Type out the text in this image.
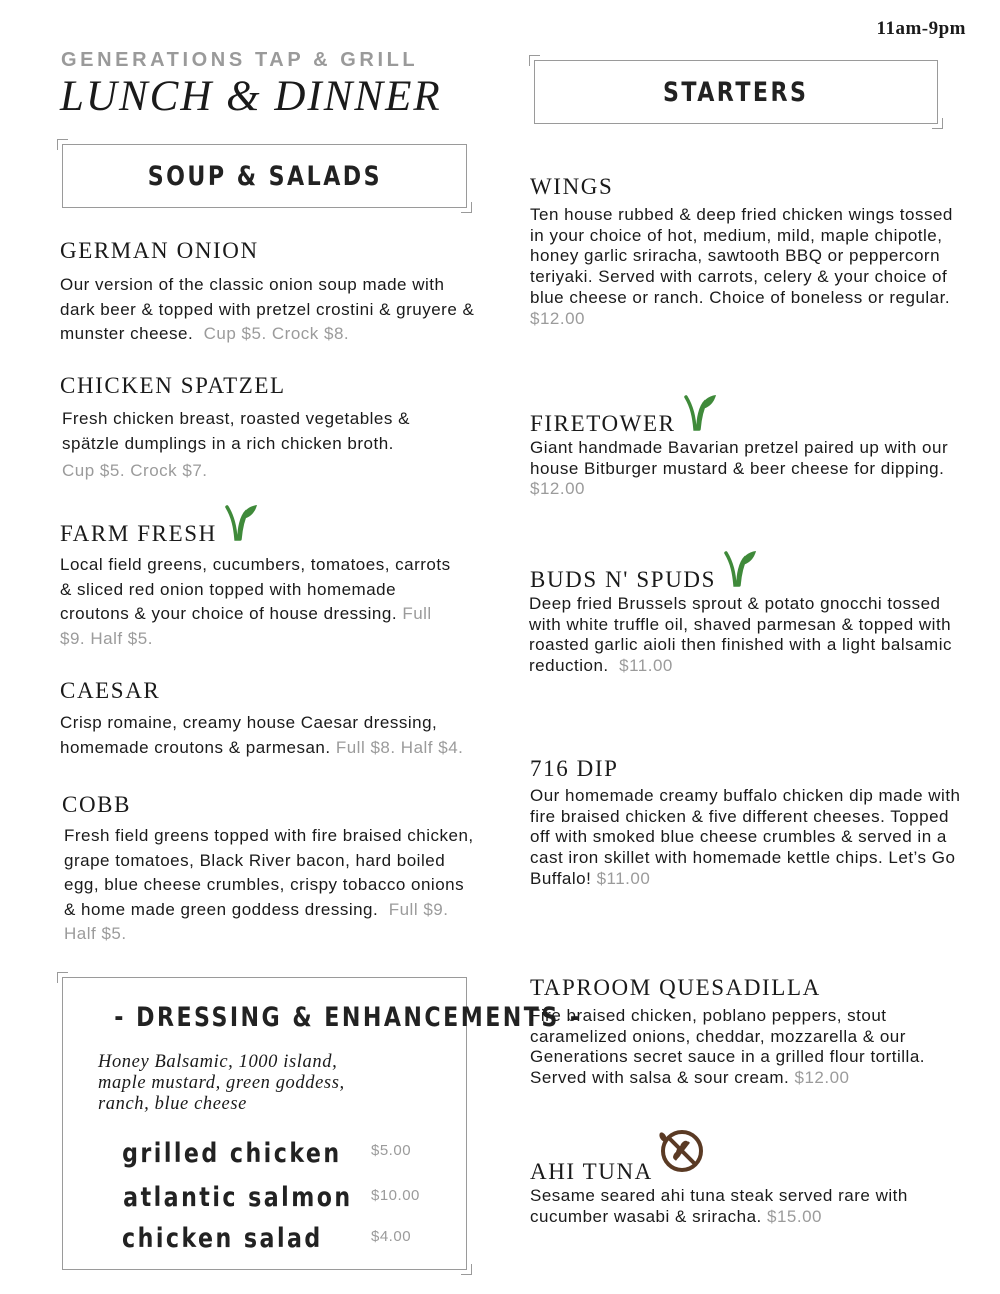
11am-9pm
GENERATIONS TAP & GRILL
LUNCH & DINNER
SOUP & SALADS
STARTERS
GERMAN ONION
Our version of the classic onion soup made with dark beer & topped with pretzel crostini & gruyere & munster cheese. Cup $5. Crock $8.
CHICKEN SPATZEL
Fresh chicken breast, roasted vegetables & spätzle dumplings in a rich chicken broth.
Cup $5. Crock $7.
FARM FRESH
Local field greens, cucumbers, tomatoes, carrots & sliced red onion topped with homemade croutons & your choice of house dressing. Full $9. Half $5.
CAESAR
Crisp romaine, creamy house Caesar dressing, homemade croutons & parmesan. Full $8. Half $4.
COBB
Fresh field greens topped with fire braised chicken, grape tomatoes, Black River bacon, hard boiled egg, blue cheese crumbles, crispy tobacco onions & home made green goddess dressing. Full $9. Half $5.
- DRESSING & ENHANCEMENTS -
Honey Balsamic, 1000 island, maple mustard, green goddess, ranch, blue cheese
grilled chicken	$5.00
atlantic salmon	$10.00
chicken salad	$4.00
WINGS
Ten house rubbed & deep fried chicken wings tossed in your choice of hot, medium, mild, maple chipotle, honey garlic sriracha, sawtooth BBQ or peppercorn teriyaki. Served with carrots, celery & your choice of blue cheese or ranch. Choice of boneless or regular. $12.00
FIRETOWER
Giant handmade Bavarian pretzel paired up with our house Bitburger mustard & beer cheese for dipping. $12.00
BUDS N' SPUDS
Deep fried Brussels sprout & potato gnocchi tossed with white truffle oil, shaved parmesan & topped with roasted garlic aioli then finished with a light balsamic reduction. $11.00
716 DIP
Our homemade creamy buffalo chicken dip made with fire braised chicken & five different cheeses. Topped off with smoked blue cheese crumbles & served in a cast iron skillet with homemade kettle chips. Let’s Go Buffalo! $11.00
TAPROOM QUESADILLA
Fire braised chicken, poblano peppers, stout caramelized onions, cheddar, mozzarella & our Generations secret sauce in a grilled flour tortilla. Served with salsa & sour cream. $12.00
AHI TUNA
Sesame seared ahi tuna steak served rare with cucumber wasabi & sriracha. $15.00
